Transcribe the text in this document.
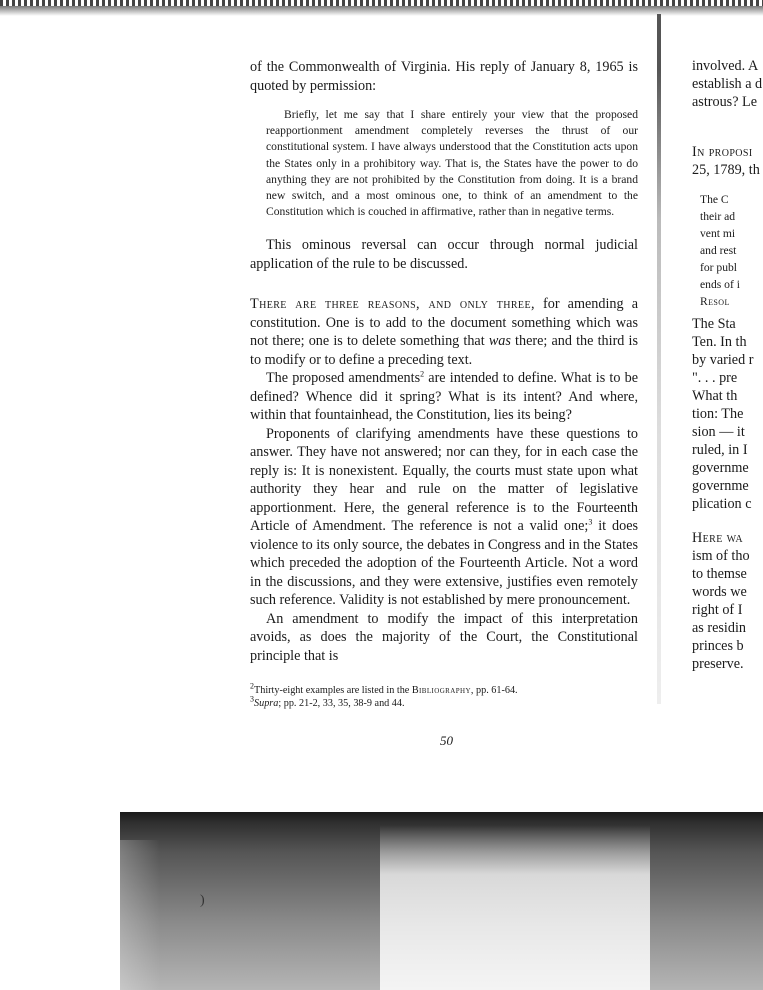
)

of the Commonwealth of Virginia. His reply of January 8, 1965 is quoted by permission:

Briefly, let me say that I share entirely your view that the proposed reapportionment amendment completely reverses the thrust of our constitutional system. I have always understood that the Constitution acts upon the States only in a prohibitory way. That is, the States have the power to do anything they are not prohibited by the Constitution from doing. It is a brand new switch, and a most ominous one, to think of an amendment to the Constitution which is couched in affirmative, rather than in negative terms.

This ominous reversal can occur through normal judicial application of the rule to be discussed.

There are three reasons, and only three, for amending a constitution. One is to add to the document something which was not there; one is to delete something that was there; and the third is to modify or to define a preceding text.

The proposed amendments$^2$ are intended to define. What is to be defined? Whence did it spring? What is its intent? And where, within that fountainhead, the Constitution, lies its being?

Proponents of clarifying amendments have these questions to answer. They have not answered; nor can they, for in each case the reply is: It is nonexistent. Equally, the courts must state upon what authority they hear and rule on the matter of legislative apportionment. Here, the general reference is to the Fourteenth Article of Amendment. The reference is not a valid one;$^3$ it does violence to its only source, the debates in Congress and in the States which preceded the adoption of the Fourteenth Article. Not a word in the discussions, and they were extensive, justifies even remotely such reference. Validity is not established by mere pronouncement.

An amendment to modify the impact of this interpretation avoids, as does the majority of the Court, the Constitutional principle that is

$^2$Thirty-eight examples are listed in the Bibliography, pp. 61-64.
$^3$Supra; pp. 21-2, 33, 35, 38-9 and 44.
50
involved. A
establish a d
astrous? Le
In proposi
25, 1789, th
The C
their ad
vent mi
and rest
for publ
ends of i
Resol
The Sta
Ten. In th
by varied r
". . . pre
What th
tion: The
sion — it
ruled, in I
governme
governme
plication c
Here wa
ism of tho
to themse
words we
right of I
as residin
princes b
preserve.
